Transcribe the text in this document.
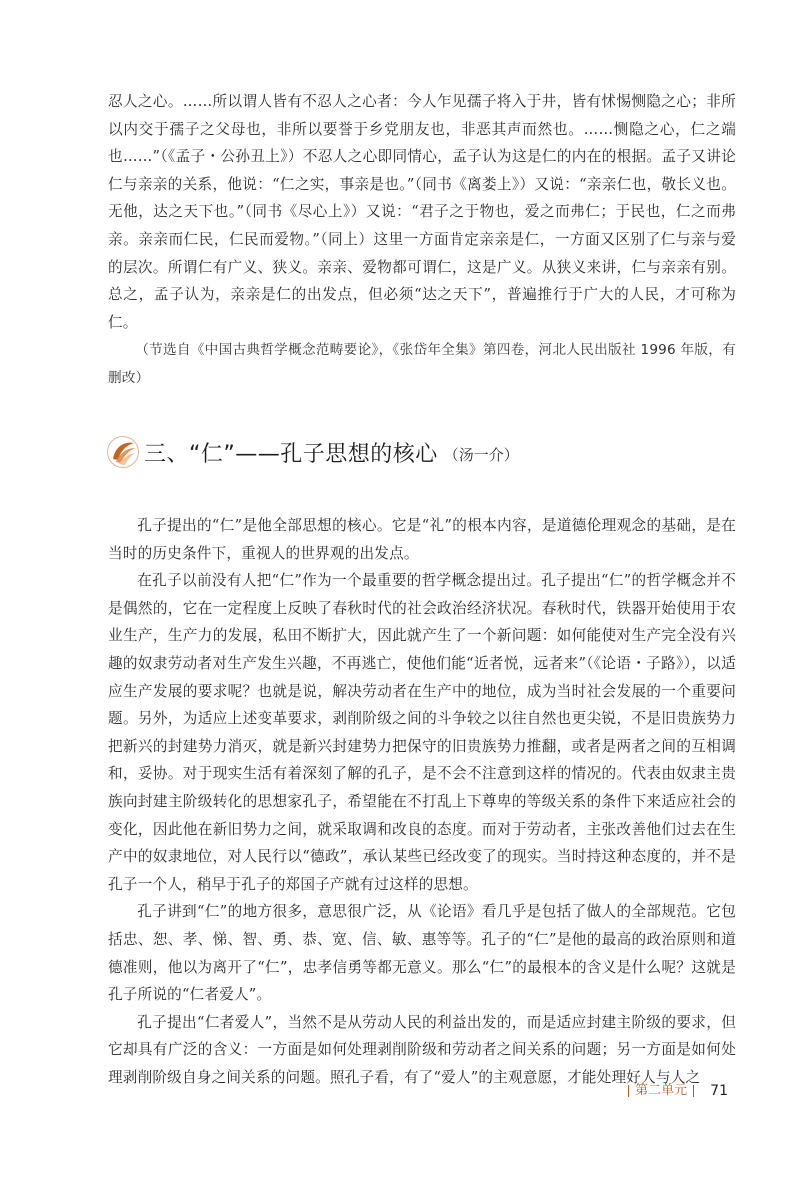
忍人之心。……所以谓人皆有不忍人之心者：今人乍见孺子将入于井，皆有怵惕恻隐之心；非所以内交于孺子之父母也，非所以要誉于乡党朋友也，非恶其声而然也。……恻隐之心，仁之端也……”（《孟子・公孙丑上》）不忍人之心即同情心，孟子认为这是仁的内在的根据。孟子又讲论仁与亲亲的关系，他说：“仁之实，事亲是也。”（同书《离娄上》）又说：“亲亲仁也，敬长义也。无他，达之天下也。”（同书《尽心上》）又说：“君子之于物也，爱之而弗仁；于民也，仁之而弗亲。亲亲而仁民，仁民而爱物。”（同上）这里一方面肯定亲亲是仁，一方面又区别了仁与亲与爱的层次。所谓仁有广义、狭义。亲亲、爱物都可谓仁，这是广义。从狭义来讲，仁与亲亲有别。总之，孟子认为，亲亲是仁的出发点，但必须“达之天下”，普遍推行于广大的人民，才可称为仁。

（节选自《中国古典哲学概念范畴要论》，《张岱年全集》第四卷，河北人民出版社 1996 年版，有删改）

三、“仁”——孔子思想的核心 （汤一介）

孔子提出的“仁”是他全部思想的核心。它是“礼”的根本内容，是道德伦理观念的基础，是在当时的历史条件下，重视人的世界观的出发点。

在孔子以前没有人把“仁”作为一个最重要的哲学概念提出过。孔子提出“仁”的哲学概念并不是偶然的，它在一定程度上反映了春秋时代的社会政治经济状况。春秋时代，铁器开始使用于农业生产，生产力的发展，私田不断扩大，因此就产生了一个新问题：如何能使对生产完全没有兴趣的奴隶劳动者对生产发生兴趣，不再逃亡，使他们能“近者悦，远者来”（《论语・子路》），以适应生产发展的要求呢？也就是说，解决劳动者在生产中的地位，成为当时社会发展的一个重要问题。另外，为适应上述变革要求，剥削阶级之间的斗争较之以往自然也更尖锐，不是旧贵族势力把新兴的封建势力消灭，就是新兴封建势力把保守的旧贵族势力推翻，或者是两者之间的互相调和，妥协。对于现实生活有着深刻了解的孔子，是不会不注意到这样的情况的。代表由奴隶主贵族向封建主阶级转化的思想家孔子，希望能在不打乱上下尊卑的等级关系的条件下来适应社会的变化，因此他在新旧势力之间，就采取调和改良的态度。而对于劳动者，主张改善他们过去在生产中的奴隶地位，对人民行以“德政”，承认某些已经改变了的现实。当时持这种态度的，并不是孔子一个人，稍早于孔子的郑国子产就有过这样的思想。

孔子讲到“仁”的地方很多，意思很广泛，从《论语》看几乎是包括了做人的全部规范。它包括忠、恕、孝、悌、智、勇、恭、宽、信、敏、惠等等。孔子的“仁”是他的最高的政治原则和道德准则，他以为离开了“仁”，忠孝信勇等都无意义。那么“仁”的最根本的含义是什么呢？这就是孔子所说的“仁者爱人”。

孔子提出“仁者爱人”，当然不是从劳动人民的利益出发的，而是适应封建主阶级的要求，但它却具有广泛的含义：一方面是如何处理剥削阶级和劳动者之间关系的问题；另一方面是如何处理剥削阶级自身之间关系的问题。照孔子看，有了“爱人”的主观意愿，才能处理好人与人之

第二单元	71
